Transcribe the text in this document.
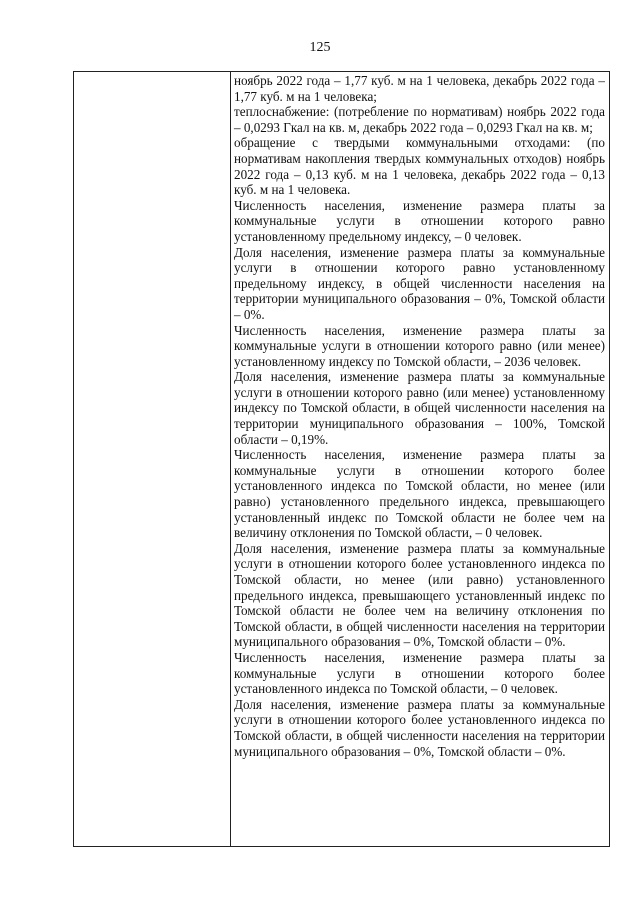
125

ноябрь 2022 года – 1,77 куб. м на 1 человека, декабрь 2022 года – 1,77 куб. м на 1 человека;

теплоснабжение: (потребление по нормативам) ноябрь 2022 года – 0,0293 Гкал на кв. м, декабрь 2022 года – 0,0293 Гкал на кв. м;

обращение с твердыми коммунальными отходами: (по нормативам накопления твердых коммунальных отходов) ноябрь 2022 года – 0,13 куб. м на 1 человека, декабрь 2022 года – 0,13 куб. м на 1 человека.

Численность населения, изменение размера платы за коммунальные услуги в отношении которого равно установленному предельному индексу, – 0 человек.

Доля населения, изменение размера платы за коммунальные услуги в отношении которого равно установленному предельному индексу, в общей численности населения на территории муниципального образования – 0%, Томской области – 0%.

Численность населения, изменение размера платы за коммунальные услуги в отношении которого равно (или менее) установленному индексу по Томской области, – 2036 человек.

Доля населения, изменение размера платы за коммунальные услуги в отношении которого равно (или менее) установленному индексу по Томской области, в общей численности населения на территории муниципального образования – 100%, Томской области – 0,19%.

Численность населения, изменение размера платы за коммунальные услуги в отношении которого более установленного индекса по Томской области, но менее (или равно) установленного предельного индекса, превышающего установленный индекс по Томской области не более чем на величину отклонения по Томской области, – 0 человек.

Доля населения, изменение размера платы за коммунальные услуги в отношении которого более установленного индекса по Томской области, но менее (или равно) установленного предельного индекса, превышающего установленный индекс по Томской области не более чем на величину отклонения по Томской области, в общей численности населения на территории муниципального образования – 0%, Томской области – 0%.

Численность населения, изменение размера платы за коммунальные услуги в отношении которого более установленного индекса по Томской области, – 0 человек.

Доля населения, изменение размера платы за коммунальные услуги в отношении которого более установленного индекса по Томской области, в общей численности населения на территории муниципального образования – 0%, Томской области – 0%.
